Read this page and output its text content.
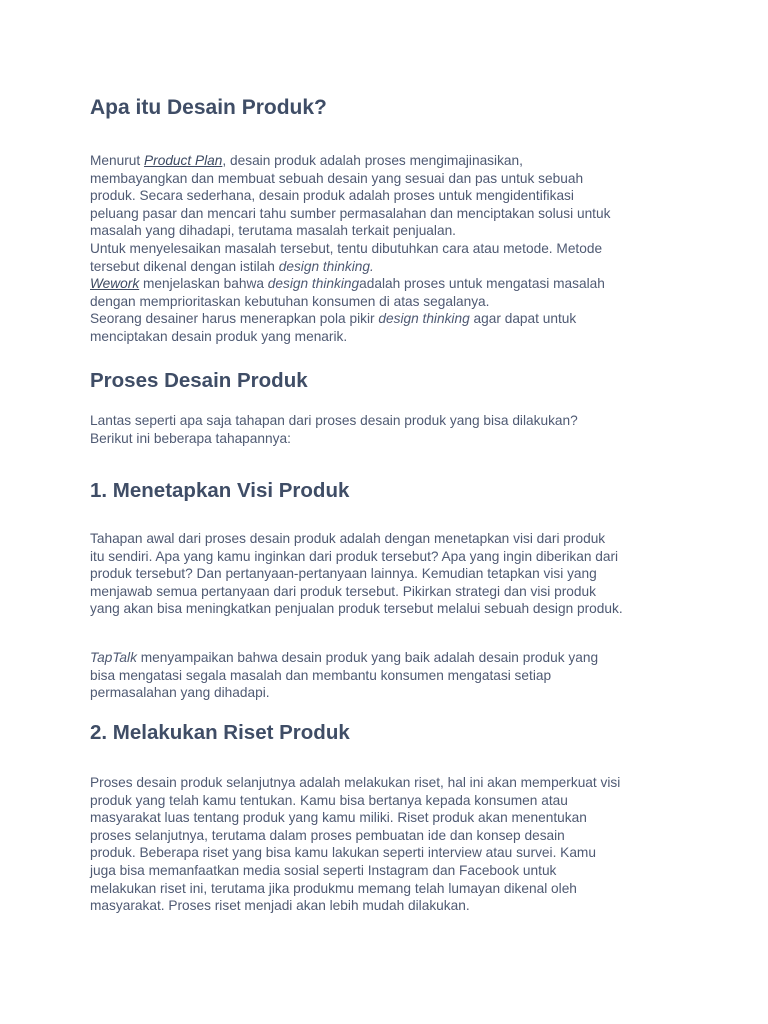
Apa itu Desain Produk?
Menurut Product Plan, desain produk adalah proses mengimajinasikan,
membayangkan dan membuat sebuah desain yang sesuai dan pas untuk sebuah
produk. Secara sederhana, desain produk adalah proses untuk mengidentifikasi
peluang pasar dan mencari tahu sumber permasalahan dan menciptakan solusi untuk
masalah yang dihadapi, terutama masalah terkait penjualan.
Untuk menyelesaikan masalah tersebut, tentu dibutuhkan cara atau metode. Metode
tersebut dikenal dengan istilah design thinking.
Wework menjelaskan bahwa design thinkingadalah proses untuk mengatasi masalah
dengan memprioritaskan kebutuhan konsumen di atas segalanya.
Seorang desainer harus menerapkan pola pikir design thinking agar dapat untuk
menciptakan desain produk yang menarik.
Proses Desain Produk
Lantas seperti apa saja tahapan dari proses desain produk yang bisa dilakukan?
Berikut ini beberapa tahapannya:
1. Menetapkan Visi Produk
Tahapan awal dari proses desain produk adalah dengan menetapkan visi dari produk
itu sendiri. Apa yang kamu inginkan dari produk tersebut? Apa yang ingin diberikan dari
produk tersebut? Dan pertanyaan-pertanyaan lainnya. Kemudian tetapkan visi yang
menjawab semua pertanyaan dari produk tersebut. Pikirkan strategi dan visi produk
yang akan bisa meningkatkan penjualan produk tersebut melalui sebuah design produk.
TapTalk menyampaikan bahwa desain produk yang baik adalah desain produk yang
bisa mengatasi segala masalah dan membantu konsumen mengatasi setiap
permasalahan yang dihadapi.
2. Melakukan Riset Produk
Proses desain produk selanjutnya adalah melakukan riset, hal ini akan memperkuat visi
produk yang telah kamu tentukan. Kamu bisa bertanya kepada konsumen atau
masyarakat luas tentang produk yang kamu miliki. Riset produk akan menentukan
proses selanjutnya, terutama dalam proses pembuatan ide dan konsep desain
produk. Beberapa riset yang bisa kamu lakukan seperti interview atau survei. Kamu
juga bisa memanfaatkan media sosial seperti Instagram dan Facebook untuk
melakukan riset ini, terutama jika produkmu memang telah lumayan dikenal oleh
masyarakat. Proses riset menjadi akan lebih mudah dilakukan.
